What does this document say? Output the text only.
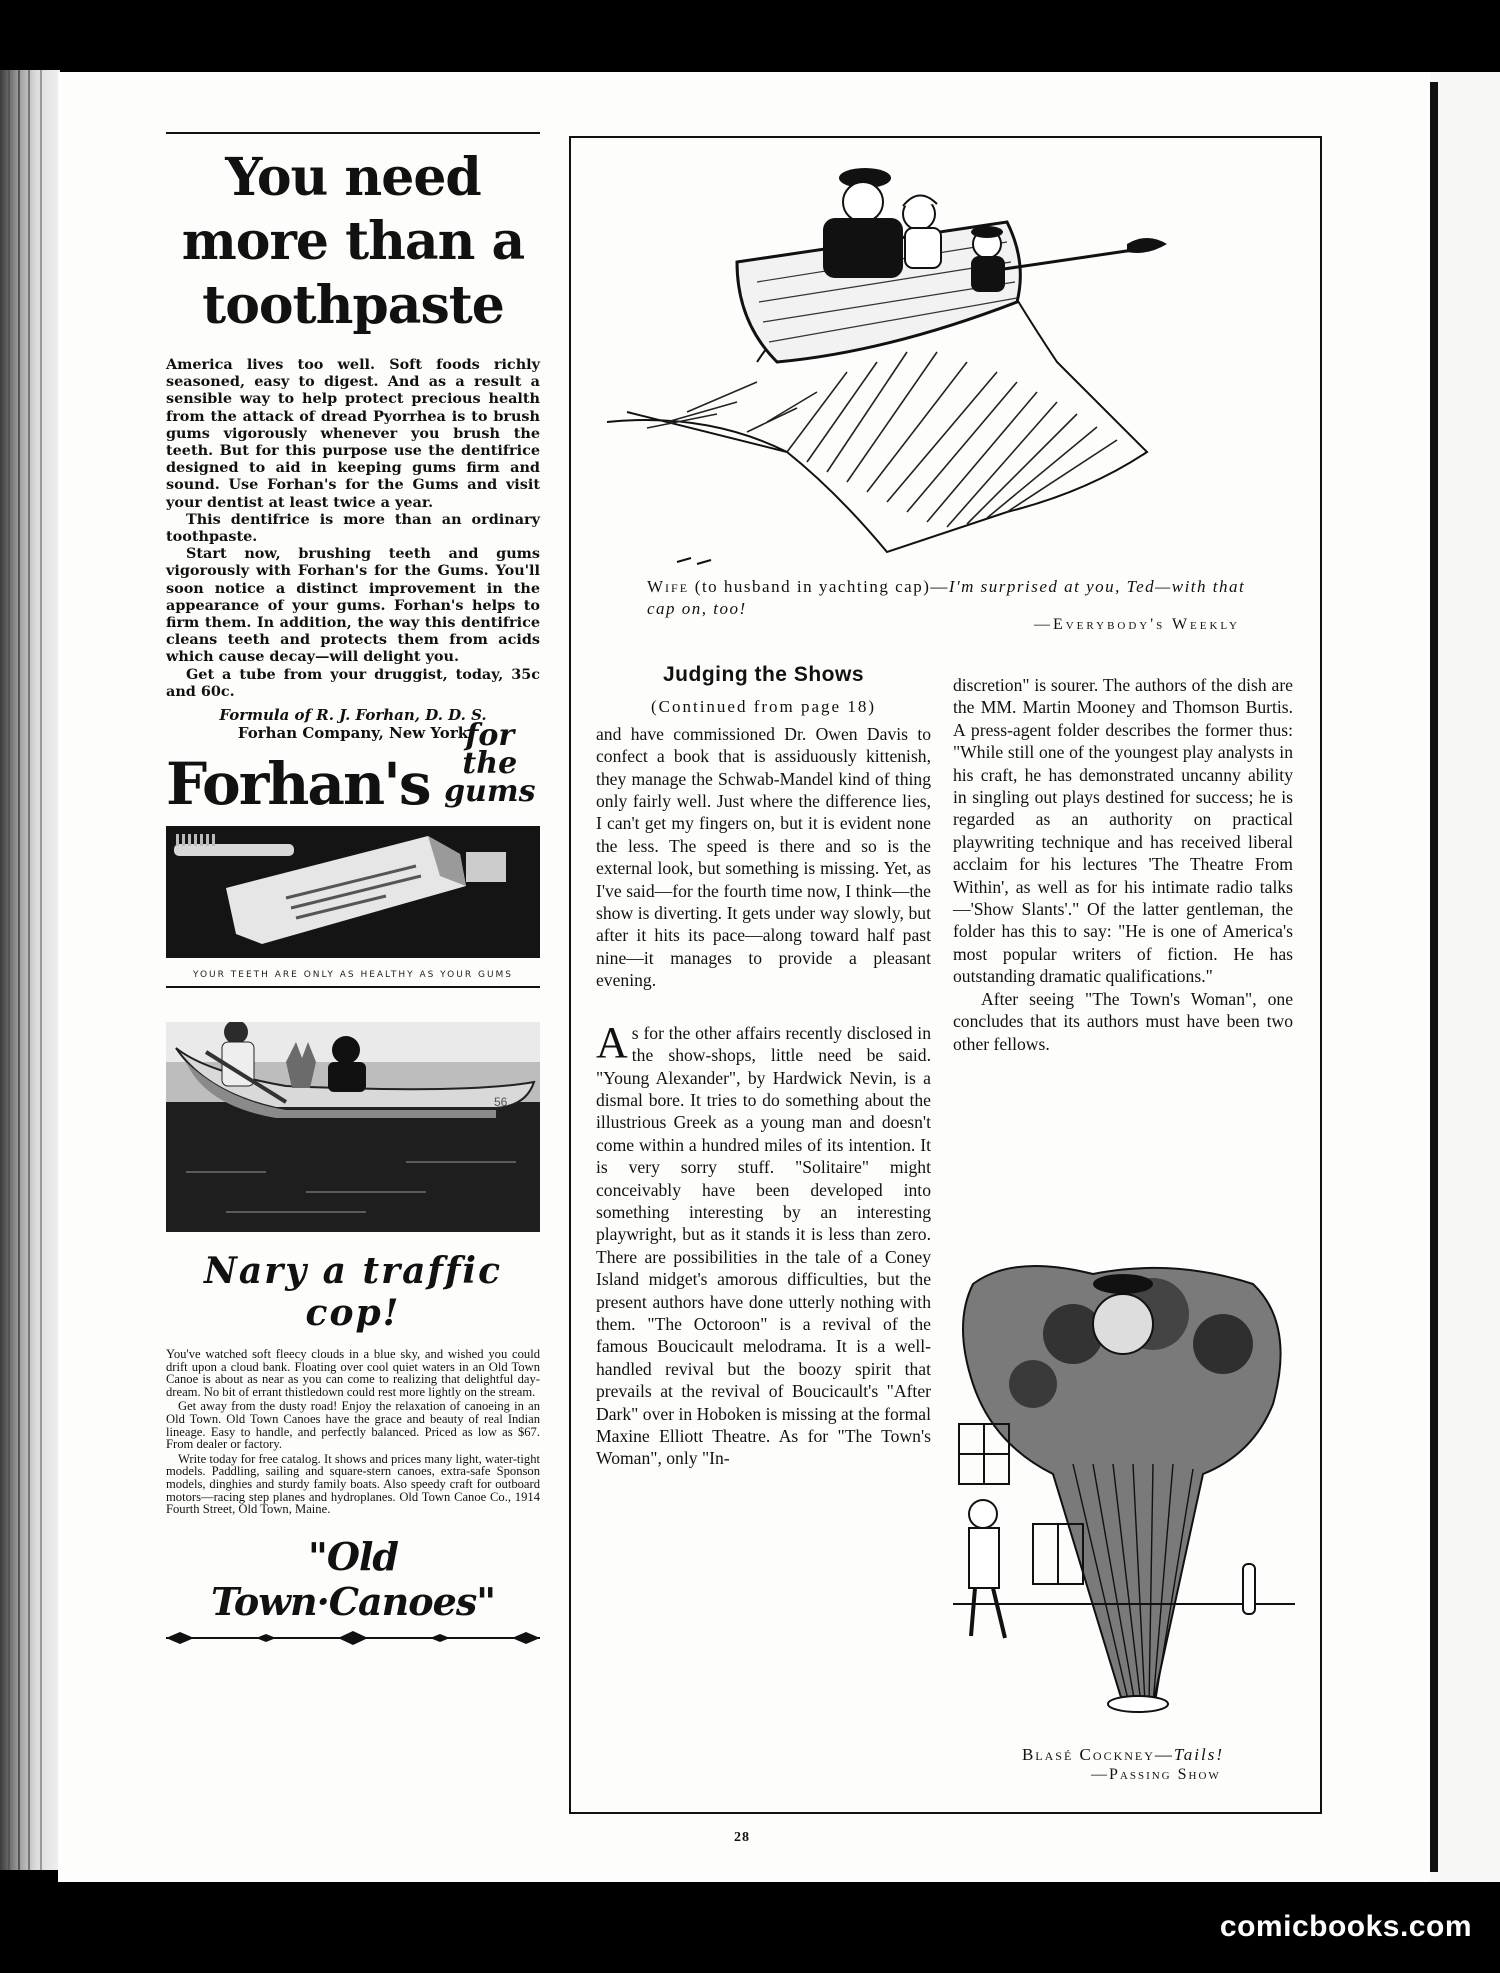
You need more than a toothpaste

America lives too well. Soft foods richly seasoned, easy to digest. And as a result a sensible way to help protect precious health from the attack of dread Pyorrhea is to brush gums vigorously whenever you brush the teeth. But for this purpose use the dentifrice designed to aid in keeping gums firm and sound. Use Forhan's for the Gums and visit your dentist at least twice a year.

This dentifrice is more than an ordinary toothpaste.

Start now, brushing teeth and gums vigorously with Forhan's for the Gums. You'll soon notice a distinct improvement in the appearance of your gums. Forhan's helps to firm them. In addition, the way this dentifrice cleans teeth and protects them from acids which cause decay—will delight you.

Get a tube from your druggist, today, 35c and 60c.

Formula of R. J. Forhan, D. D. S.
Forhan Company, New York
Forhan's
for the
gums
YOUR TEETH ARE ONLY AS HEALTHY AS YOUR GUMS
56
Nary a traffic cop!

You've watched soft fleecy clouds in a blue sky, and wished you could drift upon a cloud bank. Floating over cool quiet waters in an Old Town Canoe is about as near as you can come to realizing that delightful day-dream. No bit of errant thistledown could rest more lightly on the stream.

Get away from the dusty road! Enjoy the relaxation of canoeing in an Old Town. Old Town Canoes have the grace and beauty of real Indian lineage. Easy to handle, and perfectly balanced. Priced as low as $67. From dealer or factory.

Write today for free catalog. It shows and prices many light, water-tight models. Paddling, sailing and square-stern canoes, extra-safe Sponson models, dinghies and sturdy family boats. Also speedy craft for outboard motors—racing step planes and hydroplanes. Old Town Canoe Co., 1914 Fourth Street, Old Town, Maine.

"Old Town·Canoes"
Wife (to husband in yachting cap)—I'm surprised at you, Ted—with that cap on, too!
—Everybody's Weekly
Judging the Shows
(Continued from page 18)

and have commissioned Dr. Owen Davis to confect a book that is assiduously kittenish, they manage the Schwab-Mandel kind of thing only fairly well. Just where the difference lies, I can't get my fingers on, but it is evident none the less. The speed is there and so is the external look, but something is missing. Yet, as I've said—for the fourth time now, I think—the show is diverting. It gets under way slowly, but after it hits its pace—along toward half past nine—it manages to provide a pleasant evening.

As for the other affairs recently disclosed in the show-shops, little need be said. "Young Alexander", by Hardwick Nevin, is a dismal bore. It tries to do something about the illustrious Greek as a young man and doesn't come within a hundred miles of its intention. It is very sorry stuff. "Solitaire" might conceivably have been developed into something interesting by an interesting playwright, but as it stands it is less than zero. There are possibilities in the tale of a Coney Island midget's amorous difficulties, but the present authors have done utterly nothing with them. "The Octoroon" is a revival of the famous Boucicault melodrama. It is a well-handled revival but the boozy spirit that prevails at the revival of Boucicault's "After Dark" over in Hoboken is missing at the formal Maxine Elliott Theatre. As for "The Town's Woman", only "In-

discretion" is sourer. The authors of the dish are the MM. Martin Mooney and Thomson Burtis. A press-agent folder describes the former thus: "While still one of the youngest play analysts in his craft, he has demonstrated uncanny ability in singling out plays destined for success; he is regarded as an authority on practical playwriting technique and has received liberal acclaim for his lectures 'The Theatre From Within', as well as for his intimate radio talks—'Show Slants'." Of the latter gentleman, the folder has this to say: "He is one of America's most popular writers of fiction. He has outstanding dramatic qualifications."

After seeing "The Town's Woman", one concludes that its authors must have been two other fellows.

Blasé Cockney—Tails!
—Passing Show
28
comicbooks.com
